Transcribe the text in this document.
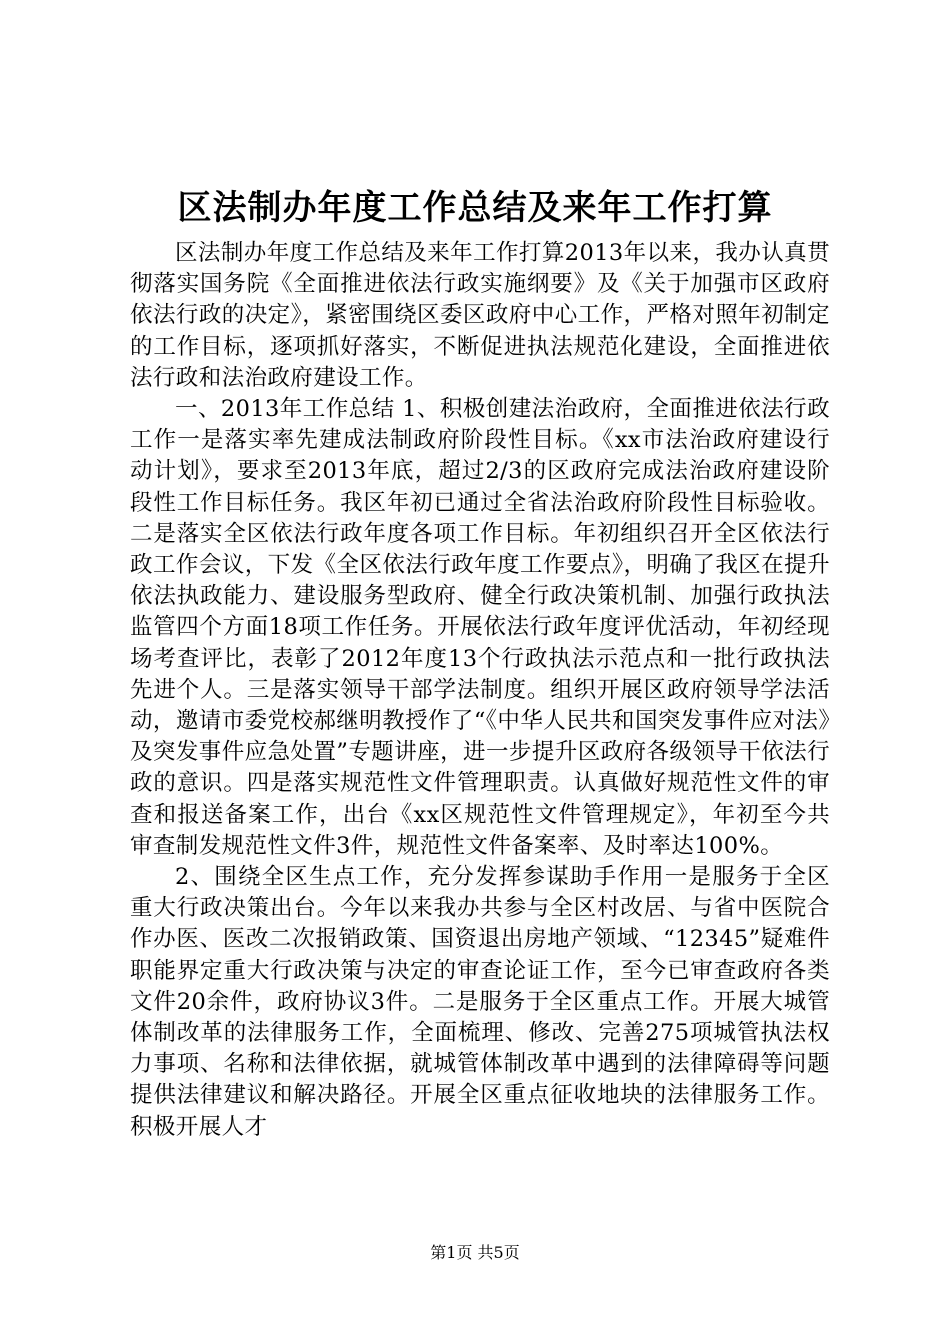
区法制办年度工作总结及来年工作打算

区法制办年度工作总结及来年工作打算2013年以来，我办认真贯彻落实国务院《全面推进依法行政实施纲要》及《关于加强市区政府依法行政的决定》，紧密围绕区委区政府中心工作，严格对照年初制定的工作目标，逐项抓好落实，不断促进执法规范化建设，全面推进依法行政和法治政府建设工作。

一、2013年工作总结 1、积极创建法治政府，全面推进依法行政工作一是落实率先建成法制政府阶段性目标。《xx市法治政府建设行动计划》，要求至2013年底，超过2/3的区政府完成法治政府建设阶段性工作目标任务。我区年初已通过全省法治政府阶段性目标验收。二是落实全区依法行政年度各项工作目标。年初组织召开全区依法行政工作会议，下发《全区依法行政年度工作要点》，明确了我区在提升依法执政能力、建设服务型政府、健全行政决策机制、加强行政执法监管四个方面18项工作任务。开展依法行政年度评优活动，年初经现场考查评比，表彰了2012年度13个行政执法示范点和一批行政执法先进个人。三是落实领导干部学法制度。组织开展区政府领导学法活动，邀请市委党校郝继明教授作了“《中华人民共和国突发事件应对法》及突发事件应急处置”专题讲座，进一步提升区政府各级领导干依法行政的意识。四是落实规范性文件管理职责。认真做好规范性文件的审查和报送备案工作，出台《xx区规范性文件管理规定》，年初至今共审查制发规范性文件3件，规范性文件备案率、及时率达100%。

2、围绕全区生点工作，充分发挥参谋助手作用一是服务于全区重大行政决策出台。今年以来我办共参与全区村改居、与省中医院合作办医、医改二次报销政策、国资退出房地产领域、“12345”疑难件职能界定重大行政决策与决定的审查论证工作，至今已审查政府各类文件20余件，政府协议3件。二是服务于全区重点工作。开展大城管体制改革的法律服务工作，全面梳理、修改、完善275项城管执法权力事项、名称和法律依据，就城管体制改革中遇到的法律障碍等问题提供法律建议和解决路径。开展全区重点征收地块的法律服务工作。积极开展人才

第1页 共5页
